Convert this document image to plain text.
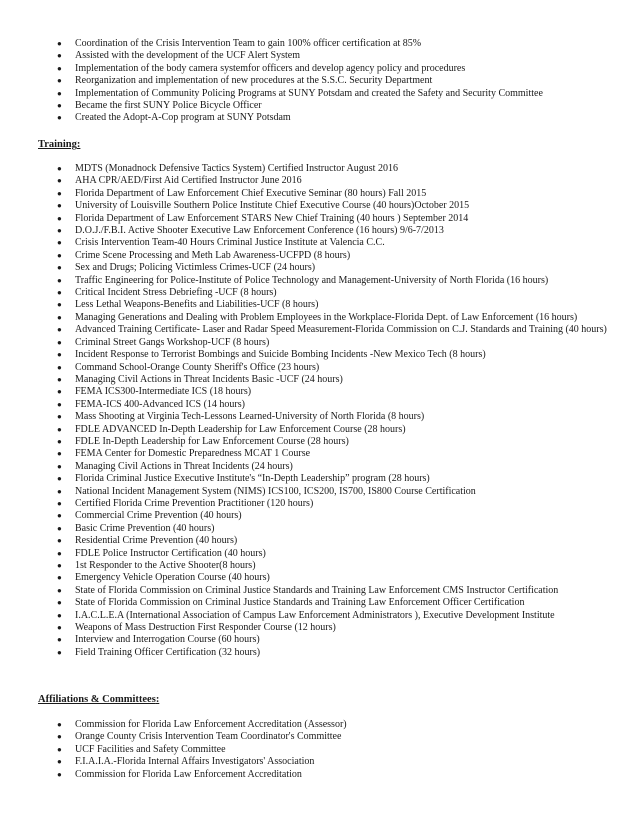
● Coordination of the Crisis Intervention Team to gain 100% officer certification at 85%
● Assisted with the development of the UCF Alert System
● Implementation of the body camera systemfor officers and develop agency policy and procedures
● Reorganization and implementation of new procedures at the S.S.C. Security Department
● Implementation of Community Policing Programs at SUNY Potsdam and created the Safety and Security Committee
● Became the first SUNY Police Bicycle Officer
● Created the Adopt-A-Cop program at SUNY Potsdam
Training:
● MDTS (Monadnock Defensive Tactics System) Certified Instructor August 2016
● AHA CPR/AED/First Aid Certified Instructor June 2016
● Florida Department of Law Enforcement Chief Executive Seminar (80 hours) Fall 2015
● University of Louisville Southern Police Institute Chief Executive Course (40 hours)October 2015
● Florida Department of Law Enforcement STARS New Chief Training (40 hours ) September 2014
● D.O.J./F.B.I. Active Shooter Executive Law Enforcement Conference (16 hours) 9/6-7/2013
● Crisis Intervention Team-40 Hours Criminal Justice Institute at Valencia C.C.
● Crime Scene Processing and Meth Lab Awareness-UCFPD (8 hours)
● Sex and Drugs; Policing Victimless Crimes-UCF (24 hours)
● Traffic Engineering for Police-Institute of Police Technology and Management-University of North Florida (16 hours)
● Critical Incident Stress Debriefing -UCF (8 hours)
● Less Lethal Weapons-Benefits and Liabilities-UCF (8 hours)
● Managing Generations and Dealing with Problem Employees in the Workplace-Florida Dept. of Law Enforcement (16 hours)
● Advanced Training Certificate- Laser and Radar Speed Measurement-Florida Commission on C.J. Standards and Training (40 hours)
● Criminal Street Gangs Workshop-UCF (8 hours)
● Incident Response to Terrorist Bombings and Suicide Bombing Incidents -New Mexico Tech (8 hours)
● Command School-Orange County Sheriff's Office (23 hours)
● Managing Civil Actions in Threat Incidents Basic -UCF (24 hours)
● FEMA ICS300-Intermediate ICS (18 hours)
● FEMA-ICS 400-Advanced ICS (14 hours)
● Mass Shooting at Virginia Tech-Lessons Learned-University of North Florida (8 hours)
● FDLE ADVANCED In-Depth Leadership for Law Enforcement Course (28 hours)
● FDLE In-Depth Leadership for Law Enforcement Course (28 hours)
● FEMA Center for Domestic Preparedness MCAT 1 Course
● Managing Civil Actions in Threat Incidents (24 hours)
● Florida Criminal Justice Executive Institute's “In-Depth Leadership” program (28 hours)
● National Incident Management System (NIMS) ICS100, ICS200, IS700, IS800 Course Certification
● Certified Florida Crime Prevention Practitioner (120 hours)
● Commercial Crime Prevention (40 hours)
● Basic Crime Prevention (40 hours)
● Residential Crime Prevention (40 hours)
● FDLE Police Instructor Certification (40 hours)
● 1st Responder to the Active Shooter(8 hours)
● Emergency Vehicle Operation Course (40 hours)
● State of Florida Commission on Criminal Justice Standards and Training Law Enforcement CMS Instructor Certification
● State of Florida Commission on Criminal Justice Standards and Training Law Enforcement Officer Certification
● I.A.C.L.E.A (International Association of Campus Law Enforcement Administrators ), Executive Development Institute
● Weapons of Mass Destruction First Responder Course (12 hours)
● Interview and Interrogation Course (60 hours)
● Field Training Officer Certification (32 hours)
Affiliations & Committees:
● Commission for Florida Law Enforcement Accreditation (Assessor)
● Orange County Crisis Intervention Team Coordinator's Committee
● UCF Facilities and Safety Committee
● F.I.A.I.A.-Florida Internal Affairs Investigators' Association
● Commission for Florida Law Enforcement Accreditation
